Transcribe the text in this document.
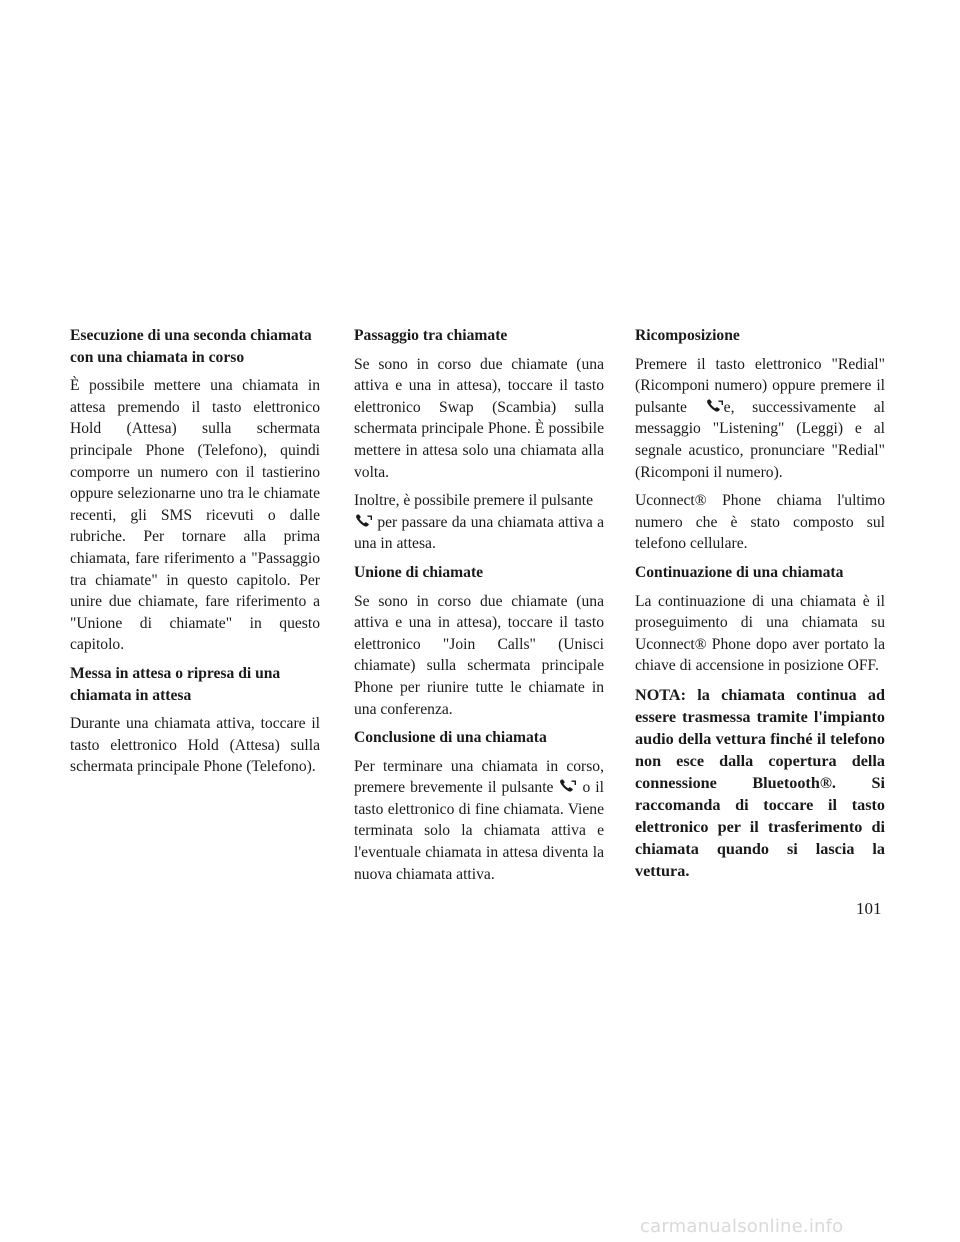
Esecuzione di una seconda chiamata con una chiamata in corso

È possibile mettere una chiamata in attesa premendo il tasto elettronico Hold (Attesa) sulla schermata principale Phone (Telefono), quindi comporre un numero con il tastierino oppure selezionarne uno tra le chiamate recenti, gli SMS ricevuti o dalle rubriche. Per tornare alla prima chiamata, fare riferimento a "Passaggio tra chiamate" in questo capitolo. Per unire due chiamate, fare riferimento a "Unione di chiamate" in questo capitolo.

Messa in attesa o ripresa di una chiamata in attesa

Durante una chiamata attiva, toccare il tasto elettronico Hold (Attesa) sulla schermata principale Phone (Telefono).

Passaggio tra chiamate

Se sono in corso due chiamate (una attiva e una in attesa), toccare il tasto elettronico Swap (Scambia) sulla schermata principale Phone. È possibile mettere in attesa solo una chiamata alla volta.

Inoltre, è possibile premere il pulsante

per passare da una chiamata attiva a una in attesa.

Unione di chiamate

Se sono in corso due chiamate (una attiva e una in attesa), toccare il tasto elettronico "Join Calls" (Unisci chiamate) sulla schermata principale Phone per riunire tutte le chiamate in una conferenza.

Conclusione di una chiamata

Per terminare una chiamata in corso, premere brevemente il pulsante o il tasto elettronico di fine chiamata. Viene terminata solo la chiamata attiva e l'eventuale chiamata in attesa diventa la nuova chiamata attiva.

Ricomposizione

Premere il tasto elettronico "Redial" (Ricomponi numero) oppure premere il pulsante e, successivamente al messaggio "Listening" (Leggi) e al segnale acustico, pronunciare "Redial" (Ricomponi il numero).

Uconnect® Phone chiama l'ultimo numero che è stato composto sul telefono cellulare.

Continuazione di una chiamata

La continuazione di una chiamata è il proseguimento di una chiamata su Uconnect® Phone dopo aver portato la chiave di accensione in posizione OFF.

NOTA: la chiamata continua ad essere trasmessa tramite l'impianto audio della vettura finché il telefono non esce dalla copertura della connessione Bluetooth®. Si raccomanda di toccare il tasto elettronico per il trasferimento di chiamata quando si lascia la vettura.

101
carmanualsonline.info
